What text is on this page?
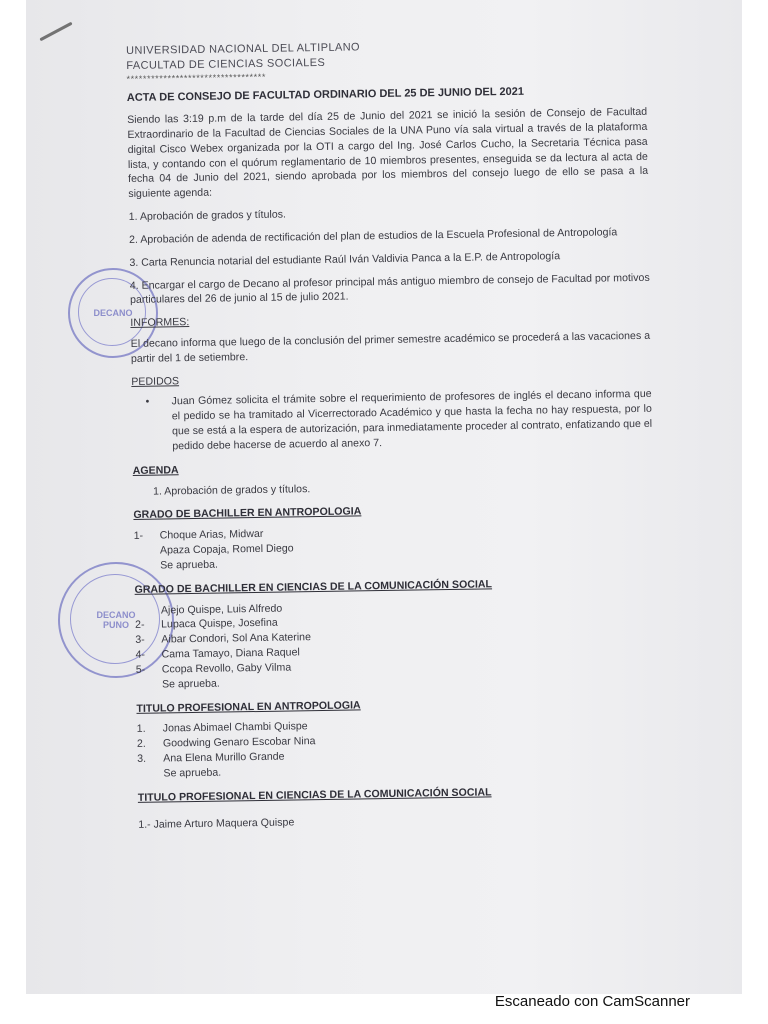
DECANO
DECANO
PUNO
UNIVERSIDAD NACIONAL DEL ALTIPLANO
FACULTAD DE CIENCIAS SOCIALES
**********************************
ACTA DE CONSEJO DE FACULTAD ORDINARIO DEL 25 DE JUNIO DEL 2021

Siendo las 3:19 p.m de la tarde del día 25 de Junio del 2021 se inició la sesión de Consejo de Facultad Extraordinario de la Facultad de Ciencias Sociales de la UNA Puno vía sala virtual a través de la plataforma digital Cisco Webex organizada por la OTI a cargo del Ing. José Carlos Cucho, la Secretaria Técnica pasa lista, y contando con el quórum reglamentario de 10 miembros presentes, enseguida se da lectura al acta de fecha 04 de Junio del 2021, siendo aprobada por los miembros del consejo luego de ello se pasa a la siguiente agenda:

1. Aprobación de grados y títulos.

2. Aprobación de adenda de rectificación del plan de estudios de la Escuela Profesional de Antropología

3. Carta Renuncia notarial del estudiante Raúl Iván Valdivia Panca a la E.P. de Antropología

4. Encargar el cargo de Decano al profesor principal más antiguo miembro de consejo de Facultad por motivos particulares del 26 de junio al 15 de julio 2021.

INFORMES:

El decano informa que luego de la conclusión del primer semestre académico se procederá a las vacaciones a partir del 1 de setiembre.

PEDIDOS
•	Juan Gómez solicita el trámite sobre el requerimiento de profesores de inglés el decano informa que el pedido se ha tramitado al Vicerrectorado Académico y que hasta la fecha no hay respuesta, por lo que se está a la espera de autorización, para inmediatamente proceder al contrato, enfatizando que el pedido debe hacerse de acuerdo al anexo 7.
AGENDA

1. Aprobación de grados y títulos.

GRADO DE BACHILLER EN ANTROPOLOGIA
1-	Choque Arias, Midwar
Apaza Copaja, Romel Diego
Se aprueba.
GRADO DE BACHILLER EN CIENCIAS DE LA COMUNICACIÓN SOCIAL
Ajejo Quispe, Luis Alfredo
2-	Lupaca Quispe, Josefina
3-	Aibar Condori, Sol Ana Katerine
4-	Cama Tamayo, Diana Raquel
5-	Ccopa Revollo, Gaby Vilma
Se aprueba.
TITULO PROFESIONAL EN ANTROPOLOGIA
1.	Jonas Abimael Chambi Quispe
2.	Goodwing Genaro Escobar Nina
3.	Ana Elena Murillo Grande
Se aprueba.
TITULO PROFESIONAL EN CIENCIAS DE LA COMUNICACIÓN SOCIAL

1.- Jaime Arturo Maquera Quispe

Escaneado con CamScanner
